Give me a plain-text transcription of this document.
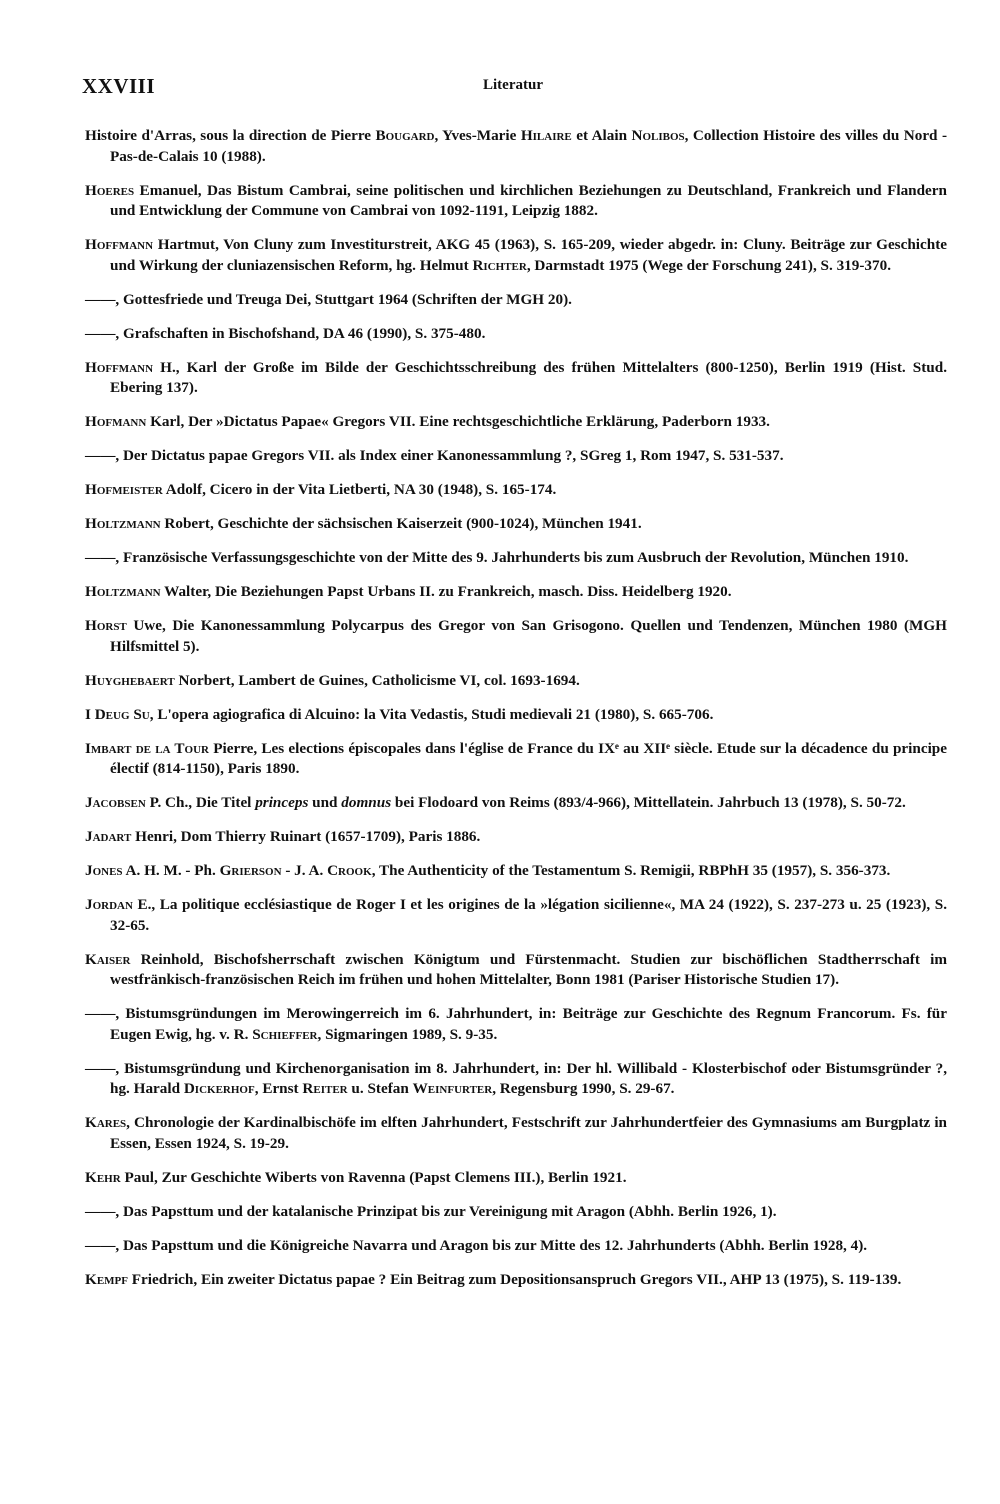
XXVIII	Literatur

Histoire d'Arras, sous la direction de Pierre Bougard, Yves-Marie Hilaire et Alain Nolibos, Collection Histoire des villes du Nord - Pas-de-Calais 10 (1988).

Hoeres Emanuel, Das Bistum Cambrai, seine politischen und kirchlichen Beziehungen zu Deutschland, Frankreich und Flandern und Entwicklung der Commune von Cambrai von 1092-1191, Leipzig 1882.

Hoffmann Hartmut, Von Cluny zum Investiturstreit, AKG 45 (1963), S. 165-209, wieder abgedr. in: Cluny. Beiträge zur Geschichte und Wirkung der cluniazensischen Reform, hg. Helmut Richter, Darmstadt 1975 (Wege der Forschung 241), S. 319-370.

——, Gottesfriede und Treuga Dei, Stuttgart 1964 (Schriften der MGH 20).

——, Grafschaften in Bischofshand, DA 46 (1990), S. 375-480.

Hoffmann H., Karl der Große im Bilde der Geschichtsschreibung des frühen Mittelalters (800-1250), Berlin 1919 (Hist. Stud. Ebering 137).

Hofmann Karl, Der »Dictatus Papae« Gregors VII. Eine rechtsgeschichtliche Erklärung, Paderborn 1933.

——, Der Dictatus papae Gregors VII. als Index einer Kanonessammlung ?, SGreg 1, Rom 1947, S. 531-537.

Hofmeister Adolf, Cicero in der Vita Lietberti, NA 30 (1948), S. 165-174.

Holtzmann Robert, Geschichte der sächsischen Kaiserzeit (900-1024), München 1941.

——, Französische Verfassungsgeschichte von der Mitte des 9. Jahrhunderts bis zum Ausbruch der Revolution, München 1910.

Holtzmann Walter, Die Beziehungen Papst Urbans II. zu Frankreich, masch. Diss. Heidelberg 1920.

Horst Uwe, Die Kanonessammlung Polycarpus des Gregor von San Grisogono. Quellen und Tendenzen, München 1980 (MGH Hilfsmittel 5).

Huyghebaert Norbert, Lambert de Guines, Catholicisme VI, col. 1693-1694.

I Deug Su, L'opera agiografica di Alcuino: la Vita Vedastis, Studi medievali 21 (1980), S. 665-706.

Imbart de la Tour Pierre, Les elections épiscopales dans l'église de France du IXᵉ au XIIᵉ siècle. Etude sur la décadence du principe électif (814-1150), Paris 1890.

Jacobsen P. Ch., Die Titel princeps und domnus bei Flodoard von Reims (893/4-966), Mittellatein. Jahrbuch 13 (1978), S. 50-72.

Jadart Henri, Dom Thierry Ruinart (1657-1709), Paris 1886.

Jones A. H. M. - Ph. Grierson - J. A. Crook, The Authenticity of the Testamentum S. Remigii, RBPhH 35 (1957), S. 356-373.

Jordan E., La politique ecclésiastique de Roger I et les origines de la »légation sicilienne«, MA 24 (1922), S. 237-273 u. 25 (1923), S. 32-65.

Kaiser Reinhold, Bischofsherrschaft zwischen Königtum und Fürstenmacht. Studien zur bischöflichen Stadtherrschaft im westfränkisch-französischen Reich im frühen und hohen Mittelalter, Bonn 1981 (Pariser Historische Studien 17).

——, Bistumsgründungen im Merowingerreich im 6. Jahrhundert, in: Beiträge zur Geschichte des Regnum Francorum. Fs. für Eugen Ewig, hg. v. R. Schieffer, Sigmaringen 1989, S. 9-35.

——, Bistumsgründung und Kirchenorganisation im 8. Jahrhundert, in: Der hl. Willibald - Klosterbischof oder Bistumsgründer ?, hg. Harald Dickerhof, Ernst Reiter u. Stefan Weinfurter, Regensburg 1990, S. 29-67.

Kares, Chronologie der Kardinalbischöfe im elften Jahrhundert, Festschrift zur Jahrhundertfeier des Gymnasiums am Burgplatz in Essen, Essen 1924, S. 19-29.

Kehr Paul, Zur Geschichte Wiberts von Ravenna (Papst Clemens III.), Berlin 1921.

——, Das Papsttum und der katalanische Prinzipat bis zur Vereinigung mit Aragon (Abhh. Berlin 1926, 1).

——, Das Papsttum und die Königreiche Navarra und Aragon bis zur Mitte des 12. Jahrhunderts (Abhh. Berlin 1928, 4).

Kempf Friedrich, Ein zweiter Dictatus papae ? Ein Beitrag zum Depositionsanspruch Gregors VII., AHP 13 (1975), S. 119-139.
